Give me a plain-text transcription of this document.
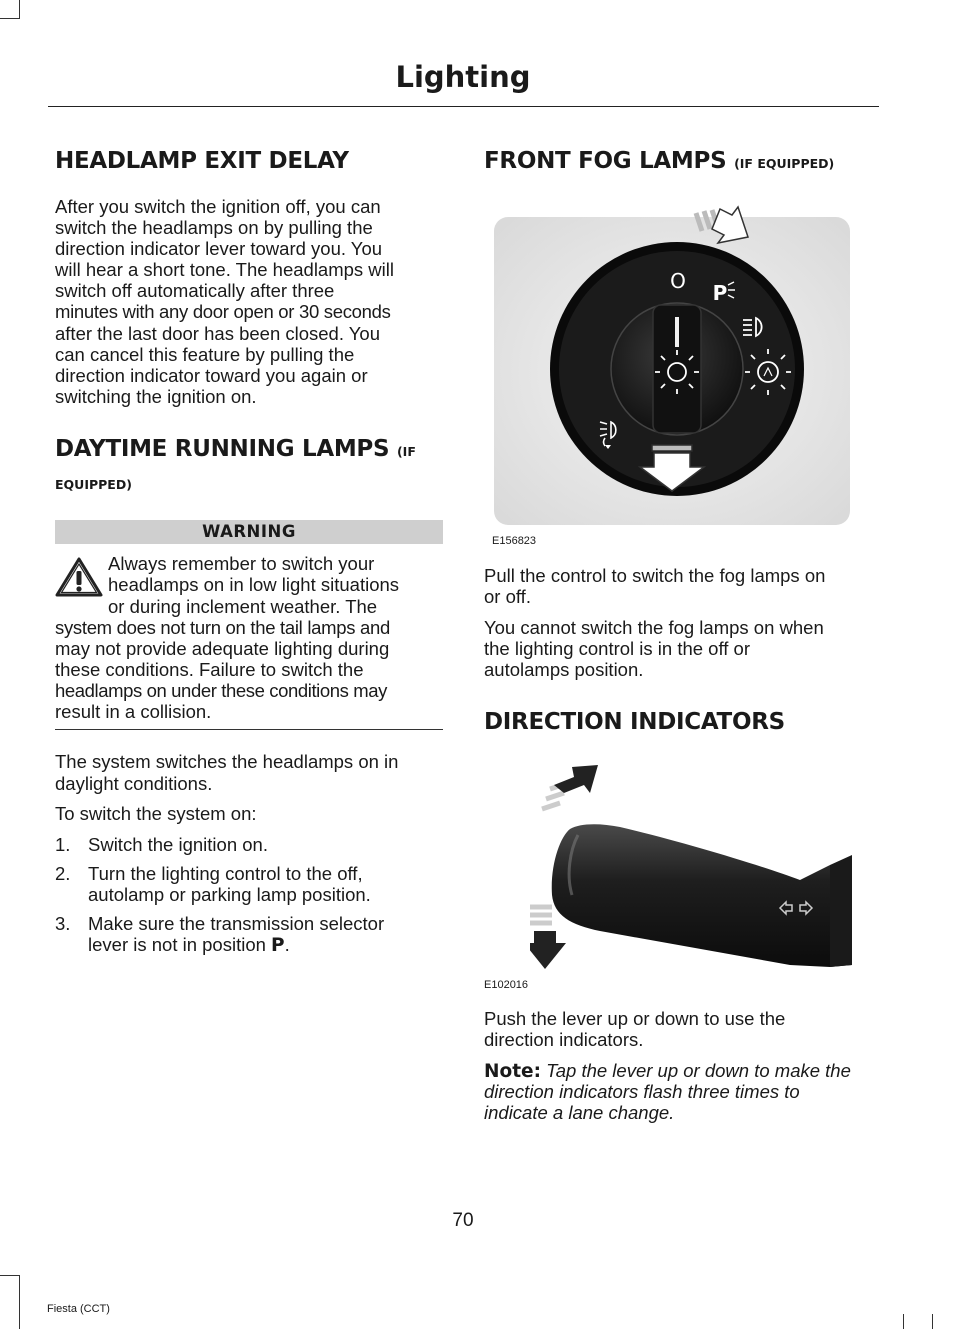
Lighting
HEADLAMP EXIT DELAY
After you switch the ignition off, you can
switch the headlamps on by pulling the
direction indicator lever toward you. You
will hear a short tone. The headlamps will
switch off automatically after three
minutes with any door open or 30 seconds
after the last door has been closed. You
can cancel this feature by pulling the
direction indicator toward you again or
switching the ignition on.
DAYTIME RUNNING LAMPS (IF
EQUIPPED)
WARNING
Always remember to switch your
headlamps on in low light situations
or during inclement weather. The
system does not turn on the tail lamps and
may not provide adequate lighting during
these conditions. Failure to switch the
headlamps on under these conditions may
result in a collision.
The system switches the headlamps on in
daylight conditions.
To switch the system on:
1. Switch the ignition on.
2. Turn the lighting control to the off,
autolamp or parking lamp position.
3. Make sure the transmission selector
lever is not in position P.
FRONT FOG LAMPS (IF EQUIPPED)
O P
E156823
Pull the control to switch the fog lamps on
or off.
You cannot switch the fog lamps on when
the lighting control is in the off or
autolamps position.
DIRECTION INDICATORS
E102016
Push the lever up or down to use the
direction indicators.
Note: Tap the lever up or down to make the
direction indicators flash three times to
indicate a lane change.
70
Fiesta (CCT)
